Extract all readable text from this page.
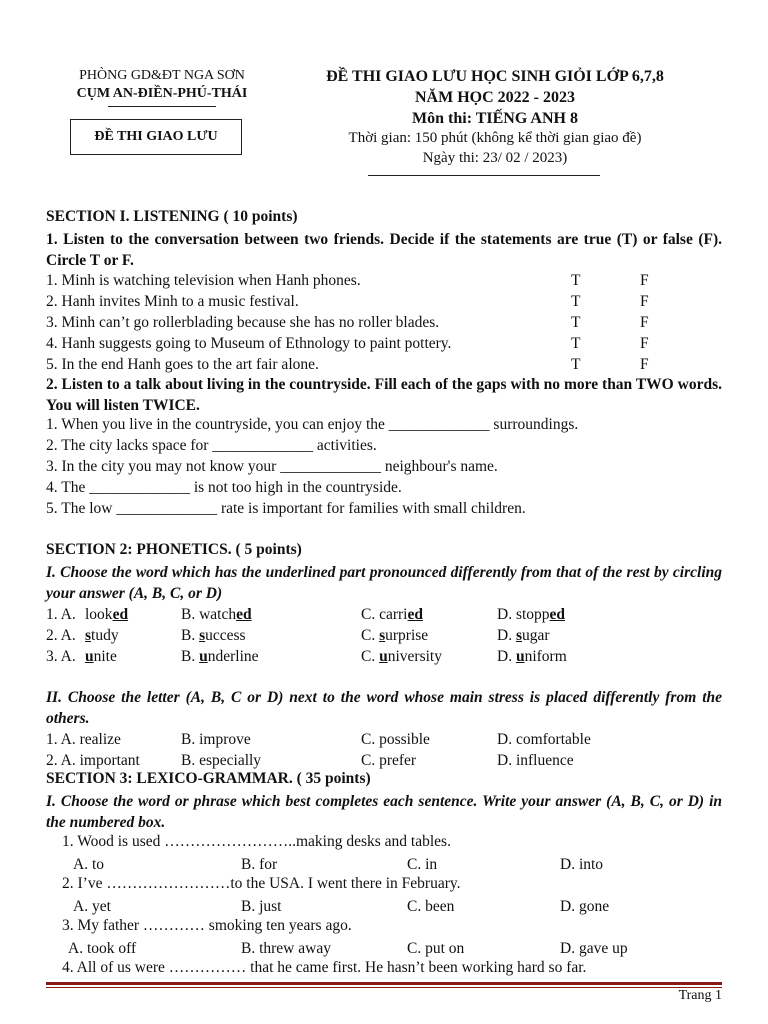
PHÒNG GD&ĐT NGA SƠN
CỤM AN-ĐIỀN-PHÚ-THÁI
ĐỀ THI GIAO LƯU
ĐỀ THI GIAO LƯU HỌC SINH GIỎI LỚP 6,7,8
NĂM HỌC 2022 - 2023
Môn thi: TIẾNG ANH 8
Thời gian: 150 phút (không kể thời gian giao đề)
Ngày thi: 23/ 02 / 2023)
SECTION I. LISTENING ( 10 points)
1. Listen to the conversation between two friends. Decide if the statements are true (T) or false (F). Circle T or F.
1. Minh is watching television when Hanh phones.	T	F
2. Hanh invites Minh to a music festival.	T	F
3. Minh can’t go rollerblading because she has no roller blades.	T	F
4. Hanh suggests going to Museum of Ethnology to paint pottery.	T	F
5. In the end Hanh goes to the art fair alone.	T	F
2. Listen to a talk about living in the countryside. Fill each of the gaps with no more than TWO words. You will listen TWICE.
1. When you live in the countryside, you can enjoy the _____________ surroundings.
2. The city lacks space for _____________ activities.
3. In the city you may not know your _____________ neighbour's name.
4. The _____________ is not too high in the countryside.
5. The low _____________ rate is important for families with small children.
SECTION 2: PHONETICS. ( 5 points)
I. Choose the word which has the underlined part pronounced differently from that of the rest by circling your answer (A, B, C, or D)
1. A. looked	B. watched	C. carried	D. stopped
2. A. study	B. success	C. surprise	D. sugar
3. A. unite	B. underline	C. university	D. uniform
II. Choose the letter (A, B, C or D) next to the word whose main stress is placed differently from the others.
1. A. realize	B. improve	C. possible	D. comfortable
2. A. important	B. especially	C. prefer	D. influence
SECTION 3: LEXICO-GRAMMAR. ( 35 points)
I. Choose the word or phrase which best completes each sentence. Write your answer (A, B, C, or D) in the numbered box.
1. Wood is used ……………………..making desks and tables.
A. to	B. for	C. in	D. into
2. I’ve ……………………to the USA. I went there in February.
A. yet	B. just	C. been	D. gone
3. My father ………… smoking ten years ago.
A. took off	B. threw away	C. put on	D. gave up
4. All of us were …………… that he came first. He hasn’t been working hard so far.
Trang 1
